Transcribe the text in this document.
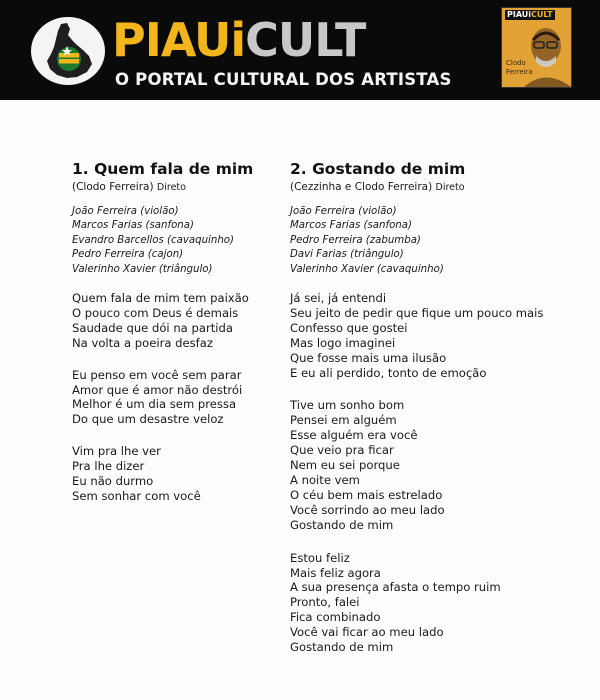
PIAUiCULT
O PORTAL CULTURAL DOS ARTISTAS
PIAUiCULT
Clodo Ferreira
1. Quem fala de mim
(Clodo Ferreira) Direto
João Ferreira (violão)
Marcos Farias (sanfona)
Evandro Barcellos (cavaquinho)
Pedro Ferreira (cajon)
Valerinho Xavier (triângulo)
Quem fala de mim tem paixão
O pouco com Deus é demais
Saudade que dói na partida
Na volta a poeira desfaz
Eu penso em você sem parar
Amor que é amor não destrói
Melhor é um dia sem pressa
Do que um desastre veloz
Vim pra lhe ver
Pra lhe dizer
Eu não durmo
Sem sonhar com você
2. Gostando de mim
(Cezzinha e Clodo Ferreira) Direto
João Ferreira (violão)
Marcos Farias (sanfona)
Pedro Ferreira (zabumba)
Davi Farias (triângulo)
Valerinho Xavier (cavaquinho)
Já sei, já entendi
Seu jeito de pedir que fique um pouco mais
Confesso que gostei
Mas logo imaginei
Que fosse mais uma ilusão
E eu ali perdido, tonto de emoção
Tive um sonho bom
Pensei em alguém
Esse alguém era você
Que veio pra ficar
Nem eu sei porque
A noite vem
O céu bem mais estrelado
Você sorrindo ao meu lado
Gostando de mim
Estou feliz
Mais feliz agora
A sua presença afasta o tempo ruim
Pronto, falei
Fica combinado
Você vai ficar ao meu lado
Gostando de mim
